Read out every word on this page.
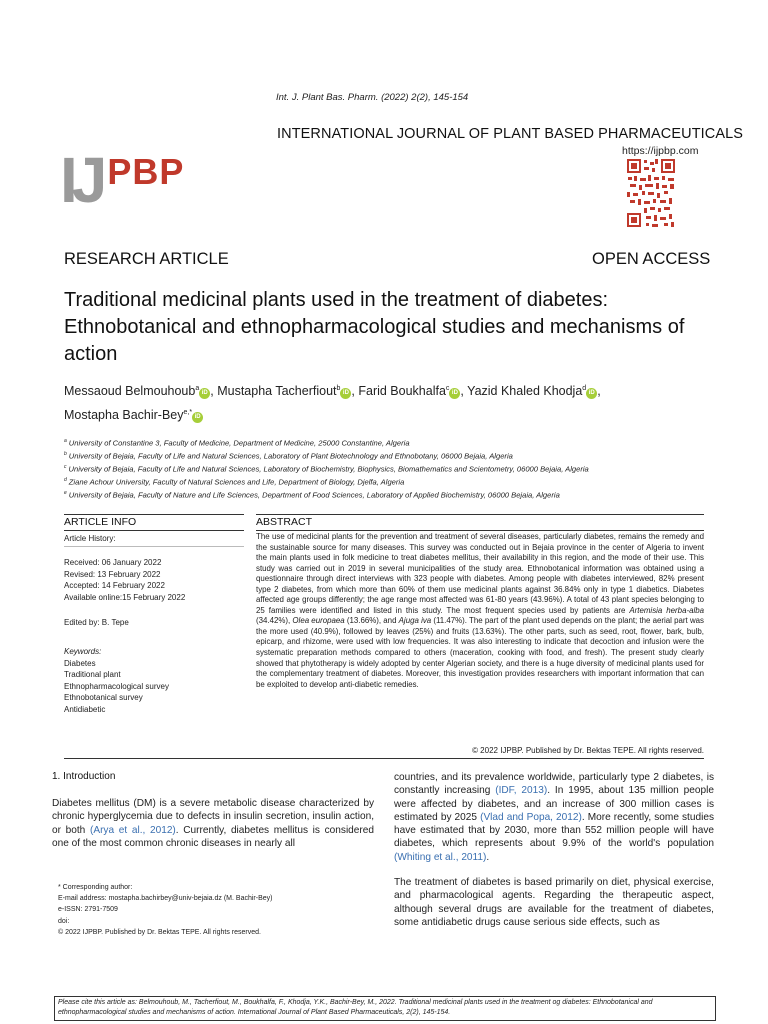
Int. J. Plant Bas. Pharm. (2022) 2(2), 145-154
INTERNATIONAL JOURNAL OF PLANT BASED PHARMACEUTICALS
IJ PBP	https://ijpbp.com
RESEARCH ARTICLE	OPEN ACCESS
Traditional medicinal plants used in the treatment of diabetes: Ethnobotanical and ethnopharmacological studies and mechanisms of action
Messaoud Belmouhoub$^a$iD , Mustapha Tacherfiout$^b$iD , Farid Boukhalfa$^c$iD , Yazid Khaled Khodja$^d$iD ,
Mostapha Bachir-Bey$^{e,*}$iD
$^a$ University of Constantine 3, Faculty of Medicine, Department of Medicine, 25000 Constantine, Algeria
$^b$ University of Bejaia, Faculty of Life and Natural Sciences, Laboratory of Plant Biotechnology and Ethnobotany, 06000 Bejaia, Algeria
$^c$ University of Bejaia, Faculty of Life and Natural Sciences, Laboratory of Biochemistry, Biophysics, Biomathematics and Scientometry, 06000 Bejaia, Algeria
$^d$ Ziane Achour University, Faculty of Natural Sciences and Life, Department of Biology, Djelfa, Algeria
$^e$ University of Bejaia, Faculty of Nature and Life Sciences, Department of Food Sciences, Laboratory of Applied Biochemistry, 06000 Bejaia, Algeria
ARTICLE INFO	ABSTRACT
Article History:
Received: 06 January 2022
Revised: 13 February 2022
Accepted: 14 February 2022
Available online:15 February 2022
Edited by: B. Tepe
Keywords:
Diabetes
Traditional plant
Ethnopharmacological survey
Ethnobotanical survey
Antidiabetic
The use of medicinal plants for the prevention and treatment of several diseases, particularly diabetes, remains the remedy and the sustainable source for many diseases. This survey was conducted out in Bejaia province in the center of Algeria to invent the main plants used in folk medicine to treat diabetes mellitus, their availability in this region, and the mode of their use. This study was carried out in 2019 in several municipalities of the study area. Ethnobotanical information was obtained using a questionnaire through direct interviews with 323 people with diabetes. Among people with diabetes interviewed, 82% present type 2 diabetes, from which more than 60% of them use medicinal plants against 36.84% only in type 1 diabetics. Diabetes affected age groups differently; the age range most affected was 61-80 years (43.96%). A total of 43 plant species belonging to 25 families were identified and listed in this study. The most frequent species used by patients are Artemisia herba-alba (34.42%), Olea europaea (13.66%), and Ajuga iva (11.47%). The part of the plant used depends on the plant; the aerial part was the more used (40.9%), followed by leaves (25%) and fruits (13.63%). The other parts, such as seed, root, flower, bark, bulb, epicarp, and rhizome, were used with low frequencies. It was also interesting to indicate that decoction and infusion were the systematic preparation methods compared to others (maceration, cooking with food, and fresh). The present study clearly showed that phytotherapy is widely adopted by center Algerian society, and there is a huge diversity of medicinal plants used for the complementary treatment of diabetes. Moreover, this investigation provides researchers with important information that can be exploited to develop anti-diabetic remedies.
© 2022 IJPBP. Published by Dr. Bektas TEPE. All rights reserved.
1. Introduction
Diabetes mellitus (DM) is a severe metabolic disease characterized by chronic hyperglycemia due to defects in insulin secretion, insulin action, or both (Arya et al., 2012). Currently, diabetes mellitus is considered one of the most common chronic diseases in nearly all
countries, and its prevalence worldwide, particularly type 2 diabetes, is constantly increasing (IDF, 2013). In 1995, about 135 million people were affected by diabetes, and an increase of 300 million cases is estimated by 2025 (Vlad and Popa, 2012). More recently, some studies have estimated that by 2030, more than 552 million people will have diabetes, which represents about 9.9% of the world's population (Whiting et al., 2011).
The treatment of diabetes is based primarily on diet, physical exercise, and pharmacological agents. Regarding the therapeutic aspect, although several drugs are available for the treatment of diabetes, some antidiabetic drugs cause serious side effects, such as
* Corresponding author:
E-mail address: mostapha.bachirbey@univ-bejaia.dz (M. Bachir-Bey)
e-ISSN: 2791-7509
doi:
© 2022 IJPBP. Published by Dr. Bektas TEPE. All rights reserved.
Please cite this article as: Belmouhoub, M., Tacherfiout, M., Boukhalfa, F., Khodja, Y.K., Bachir-Bey, M., 2022. Traditional medicinal plants used in the treatment og diabetes: Ethnobotanical and ethnopharmacological studies and mechanisms of action. International Journal of Plant Based Pharmaceuticals, 2(2), 145-154.
